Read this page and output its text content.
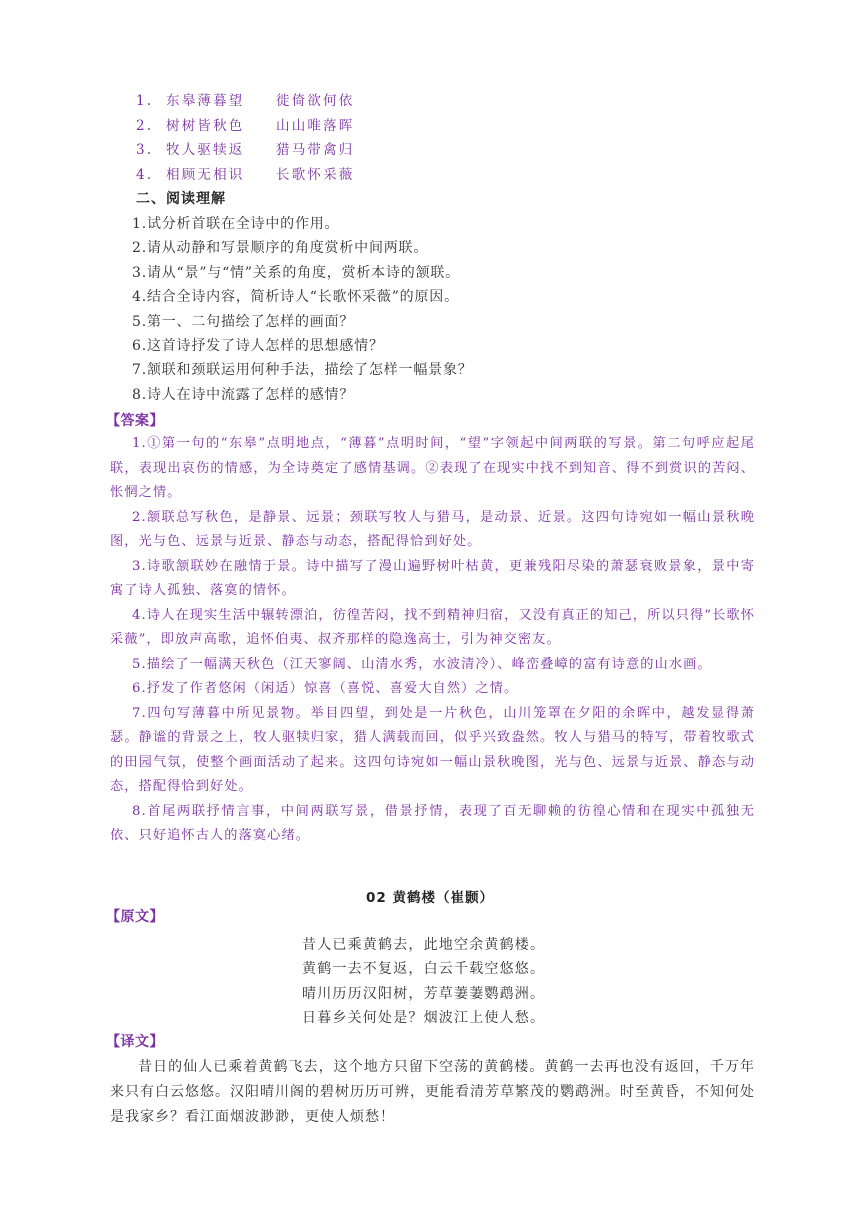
1. 东皋薄暮望 徙倚欲何依
2. 树树皆秋色 山山唯落晖
3. 牧人驱犊返 猎马带禽归
4. 相顾无相识 长歌怀采薇
二、阅读理解
1.试分析首联在全诗中的作用。
2.请从动静和写景顺序的角度赏析中间两联。
3.请从“景”与“情”关系的角度，赏析本诗的颔联。
4.结合全诗内容，简析诗人“长歌怀采薇”的原因。
5.第一、二句描绘了怎样的画面？
6.这首诗抒发了诗人怎样的思想感情？
7.颔联和颈联运用何种手法，描绘了怎样一幅景象？
8.诗人在诗中流露了怎样的感情？
【答案】

1.①第一句的“东皋”点明地点，“薄暮”点明时间，“望”字领起中间两联的写景。第二句呼应起尾联，表现出哀伤的情感，为全诗奠定了感情基调。②表现了在现实中找不到知音、得不到赏识的苦闷、怅惘之情。

2.颔联总写秋色，是静景、远景；颈联写牧人与猎马，是动景、近景。这四句诗宛如一幅山景秋晚图，光与色、远景与近景、静态与动态，搭配得恰到好处。

3.诗歌颔联妙在融情于景。诗中描写了漫山遍野树叶枯黄，更兼残阳尽染的萧瑟衰败景象，景中寄寓了诗人孤独、落寞的情怀。

4.诗人在现实生活中辗转漂泊，彷徨苦闷，找不到精神归宿，又没有真正的知己，所以只得“长歌怀采薇”，即放声高歌，追怀伯夷、叔齐那样的隐逸高士，引为神交密友。

5.描绘了一幅满天秋色（江天寥阔、山清水秀，水波清冷）、峰峦叠嶂的富有诗意的山水画。

6.抒发了作者悠闲（闲适）惊喜（喜悦、喜爱大自然）之情。

7.四句写薄暮中所见景物。举目四望，到处是一片秋色，山川笼罩在夕阳的余晖中，越发显得萧瑟。静谧的背景之上，牧人驱犊归家，猎人满载而回，似乎兴致盎然。牧人与猎马的特写，带着牧歌式的田园气氛，使整个画面活动了起来。这四句诗宛如一幅山景秋晚图，光与色、远景与近景、静态与动态，搭配得恰到好处。

8.首尾两联抒情言事，中间两联写景，借景抒情，表现了百无聊赖的彷徨心情和在现实中孤独无依、只好追怀古人的落寞心绪。

02 黄鹤楼（崔颢）
【原文】
昔人已乘黄鹤去，此地空余黄鹤楼。
黄鹤一去不复返，白云千载空悠悠。
晴川历历汉阳树，芳草萋萋鹦鹉洲。
日暮乡关何处是？烟波江上使人愁。
【译文】

昔日的仙人已乘着黄鹤飞去，这个地方只留下空荡的黄鹤楼。黄鹤一去再也没有返回，千万年来只有白云悠悠。汉阳晴川阁的碧树历历可辨，更能看清芳草繁茂的鹦鹉洲。时至黄昏，不知何处是我家乡？看江面烟波渺渺，更使人烦愁！
